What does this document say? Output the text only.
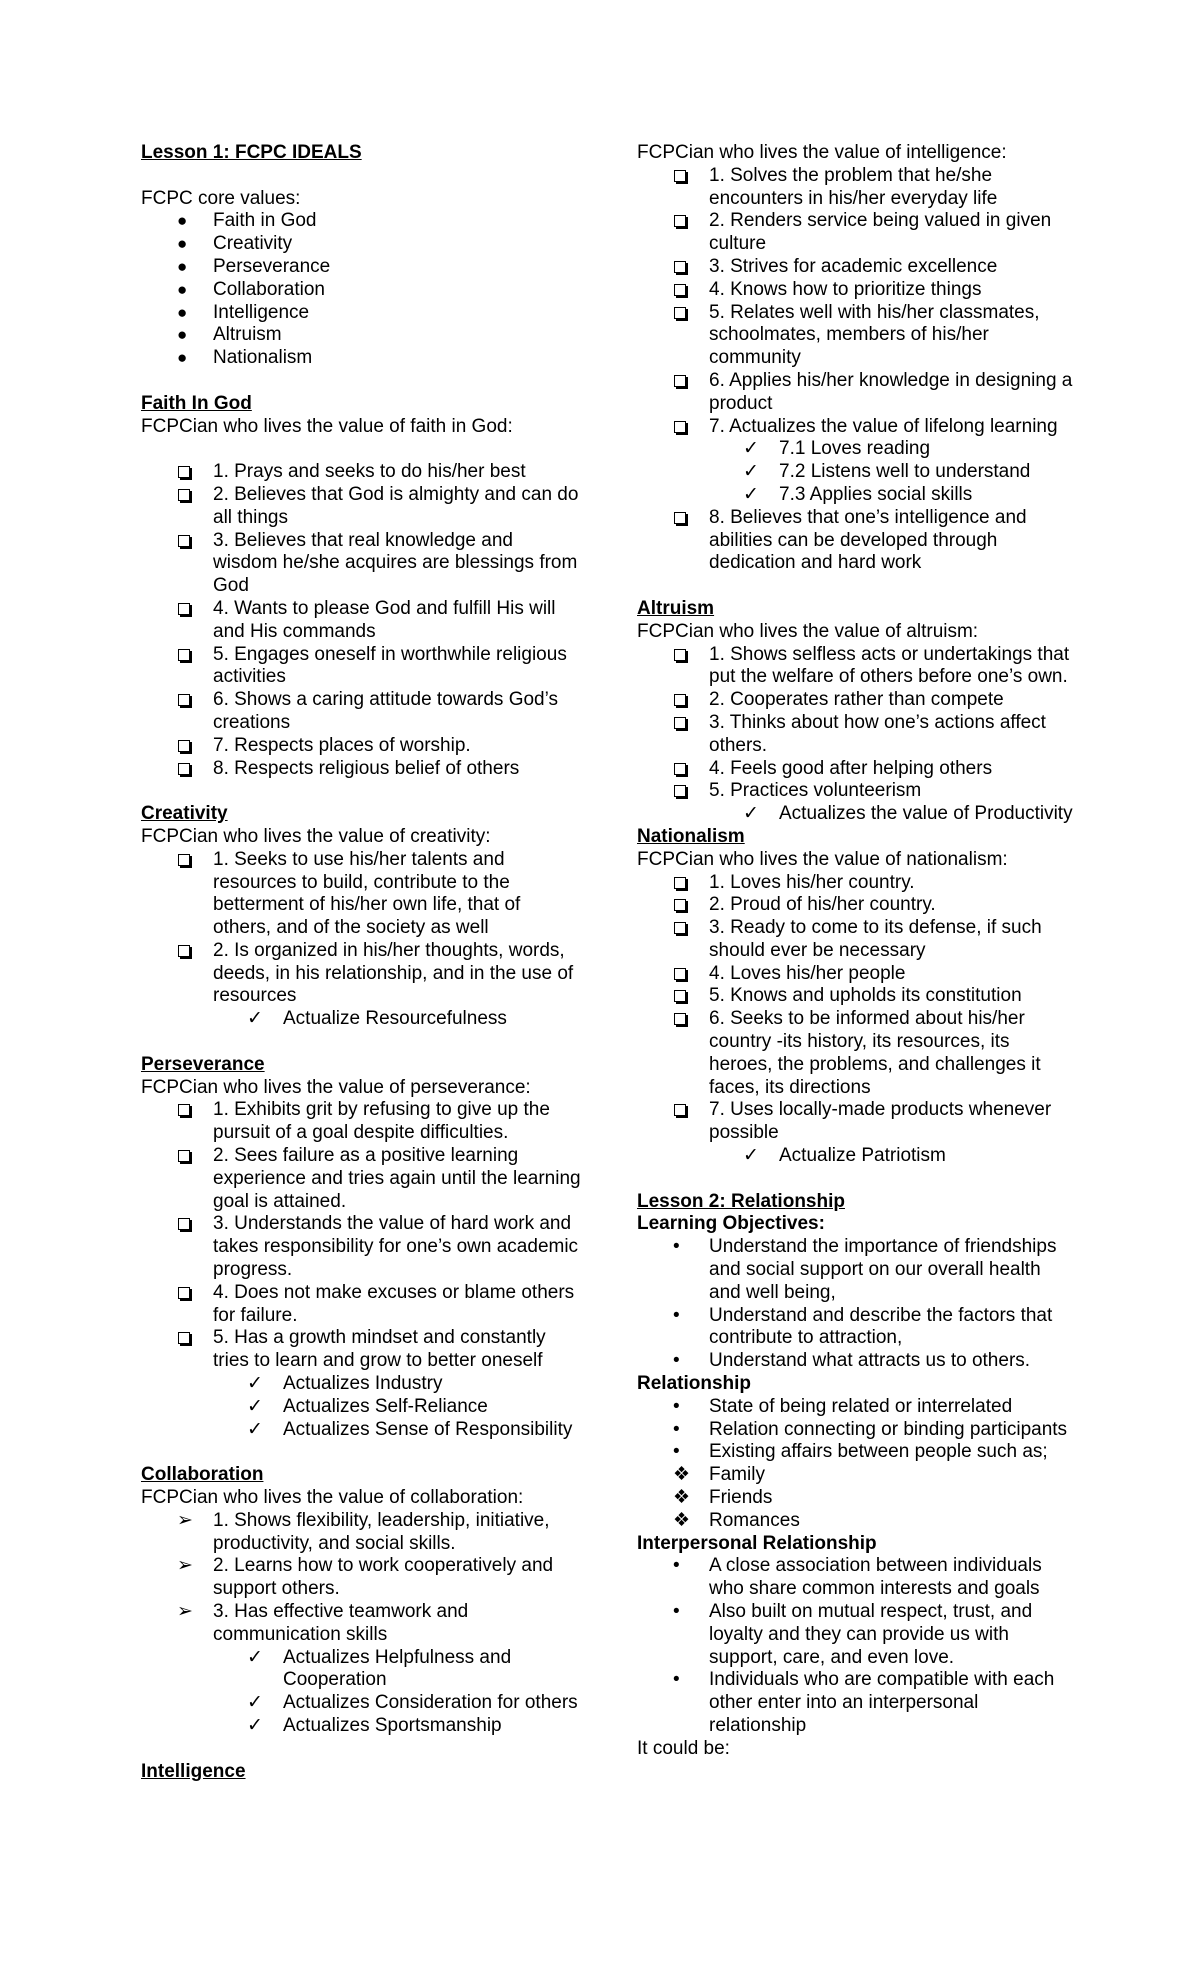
Lesson 1: FCPC IDEALS
FCPC core values:
●	Faith in God
●	Creativity
●	Perseverance
●	Collaboration
●	Intelligence
●	Altruism
●	Nationalism
Faith In God
FCPCian who lives the value of faith in God:
1. Prays and seeks to do his/her best
2. Believes that God is almighty and can do all things
3. Believes that real knowledge and wisdom he/she acquires are blessings from God
4. Wants to please God and fulfill His will and His commands
5. Engages oneself in worthwhile religious activities
6. Shows a caring attitude towards God’s creations
7. Respects places of worship.
8. Respects religious belief of others
Creativity
FCPCian who lives the value of creativity:
1. Seeks to use his/her talents and resources to build, contribute to the betterment of his/her own life, that of others, and of the society as well
2. Is organized in his/her thoughts, words, deeds, in his relationship, and in the use of resources
✓	Actualize Resourcefulness
Perseverance
FCPCian who lives the value of perseverance:
1. Exhibits grit by refusing to give up the pursuit of a goal despite difficulties.
2. Sees failure as a positive learning experience and tries again until the learning goal is attained.
3. Understands the value of hard work and takes responsibility for one’s own academic progress.
4. Does not make excuses or blame others for failure.
5. Has a growth mindset and constantly tries to learn and grow to better oneself
✓	Actualizes Industry
✓	Actualizes Self-Reliance
✓	Actualizes Sense of Responsibility
Collaboration
FCPCian who lives the value of collaboration:
➢	1. Shows flexibility, leadership, initiative, productivity, and social skills.
➢	2. Learns how to work cooperatively and support others.
➢	3. Has effective teamwork and communication skills
✓	Actualizes Helpfulness and Cooperation
✓	Actualizes Consideration for others
✓	Actualizes Sportsmanship
Intelligence
FCPCian who lives the value of intelligence:
1. Solves the problem that he/she encounters in his/her everyday life
2. Renders service being valued in given culture
3. Strives for academic excellence
4. Knows how to prioritize things
5. Relates well with his/her classmates, schoolmates, members of his/her community
6. Applies his/her knowledge in designing a product
7. Actualizes the value of lifelong learning
✓	7.1 Loves reading
✓	7.2 Listens well to understand
✓	7.3 Applies social skills
8. Believes that one’s intelligence and abilities can be developed through dedication and hard work
Altruism
FCPCian who lives the value of altruism:
1. Shows selfless acts or undertakings that put the welfare of others before one’s own.
2. Cooperates rather than compete
3. Thinks about how one’s actions affect others.
4. Feels good after helping others
5. Practices volunteerism
✓	Actualizes the value of Productivity
Nationalism
FCPCian who lives the value of nationalism:
1. Loves his/her country.
2. Proud of his/her country.
3. Ready to come to its defense, if such should ever be necessary
4. Loves his/her people
5. Knows and upholds its constitution
6. Seeks to be informed about his/her country -its history, its resources, its heroes, the problems, and challenges it faces, its directions
7. Uses locally-made products whenever possible
✓	Actualize Patriotism
Lesson 2: Relationship
Learning Objectives:
•	Understand the importance of friendships and social support on our overall health and well being,
•	Understand and describe the factors that contribute to attraction,
•	Understand what attracts us to others.
Relationship
•	State of being related or interrelated
•	Relation connecting or binding participants
•	Existing affairs between people such as;
❖ Family
❖ Friends
❖ Romances
Interpersonal Relationship
•	A close association between individuals who share common interests and goals
•	Also built on mutual respect, trust, and loyalty and they can provide us with support, care, and even love.
•	Individuals who are compatible with each other enter into an interpersonal relationship
It could be:
